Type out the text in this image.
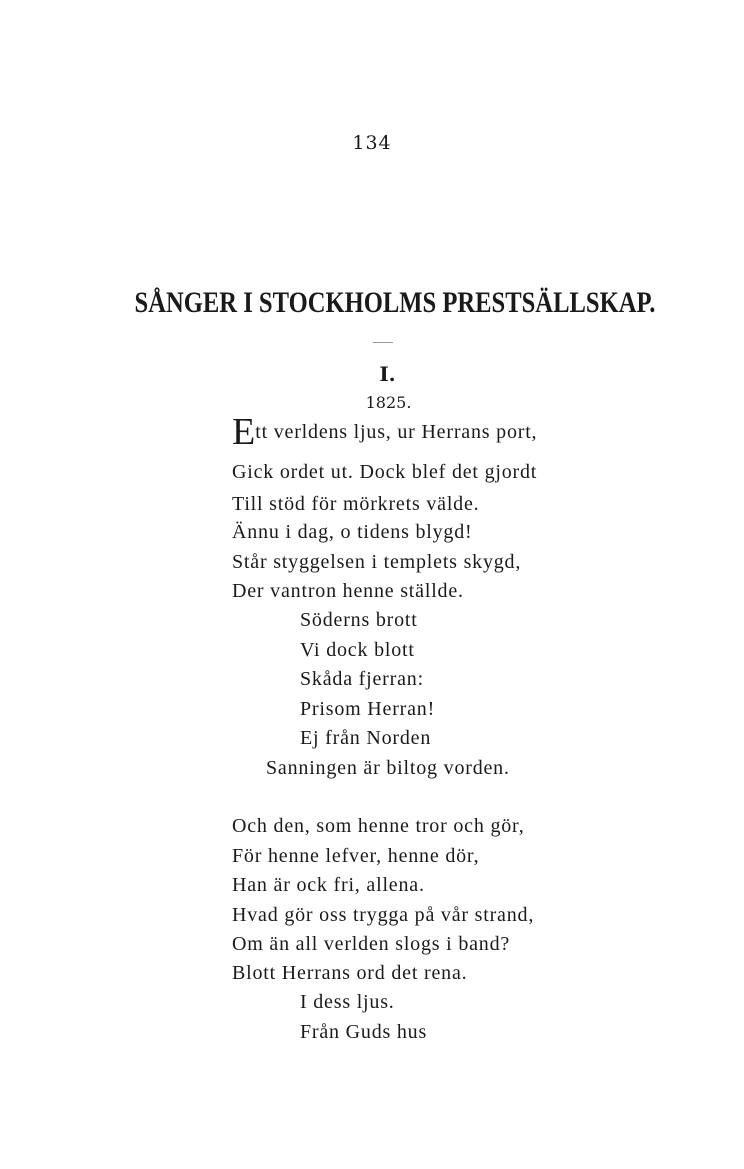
134
SÅNGER I STOCKHOLMS PRESTSÄLLSKAP.
I.
1825.
Ett verldens ljus, ur Herrans port,
Gick ordet ut. Dock blef det gjordt
Till stöd för mörkrets välde.
Ännu i dag, o tidens blygd!
Står styggelsen i templets skygd,
Der vantron henne ställde.
Söderns brott
Vi dock blott
Skåda fjerran:
Prisom Herran!
Ej från Norden
Sanningen är biltog vorden.
Och den, som henne tror och gör,
För henne lefver, henne dör,
Han är ock fri, allena.
Hvad gör oss trygga på vår strand,
Om än all verlden slogs i band?
Blott Herrans ord det rena.
I dess ljus.
Från Guds hus
